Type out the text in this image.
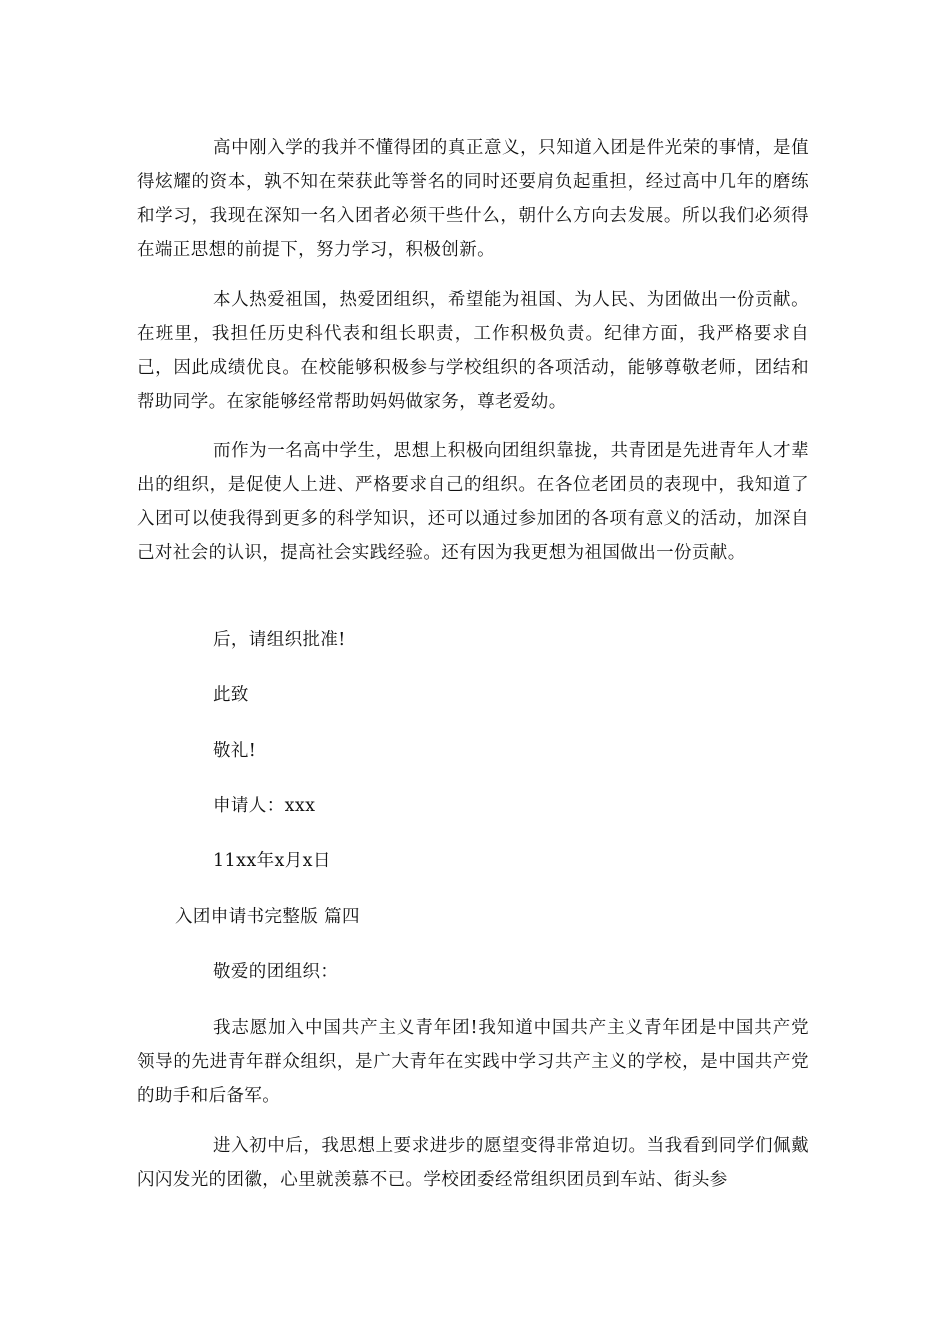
高中刚入学的我并不懂得团的真正意义，只知道入团是件光荣的事情，是值得炫耀的资本，孰不知在荣获此等誉名的同时还要肩负起重担，经过高中几年的磨练和学习，我现在深知一名入团者必须干些什么，朝什么方向去发展。所以我们必须得在端正思想的前提下，努力学习，积极创新。

本人热爱祖国，热爱团组织，希望能为祖国、为人民、为团做出一份贡献。在班里，我担任历史科代表和组长职责，工作积极负责。纪律方面，我严格要求自己，因此成绩优良。在校能够积极参与学校组织的各项活动，能够尊敬老师，团结和帮助同学。在家能够经常帮助妈妈做家务，尊老爱幼。

而作为一名高中学生，思想上积极向团组织靠拢，共青团是先进青年人才辈出的组织，是促使人上进、严格要求自己的组织。在各位老团员的表现中，我知道了入团可以使我得到更多的科学知识，还可以通过参加团的各项有意义的活动，加深自己对社会的认识，提高社会实践经验。还有因为我更想为祖国做出一份贡献。

后，请组织批准!

此致

敬礼!

申请人：xxx

11xx年x月x日

入团申请书完整版 篇四

敬爱的团组织：

我志愿加入中国共产主义青年团!我知道中国共产主义青年团是中国共产党领导的先进青年群众组织，是广大青年在实践中学习共产主义的学校，是中国共产党的助手和后备军。

进入初中后，我思想上要求进步的愿望变得非常迫切。当我看到同学们佩戴闪闪发光的团徽，心里就羡慕不已。学校团委经常组织团员到车站、街头参
